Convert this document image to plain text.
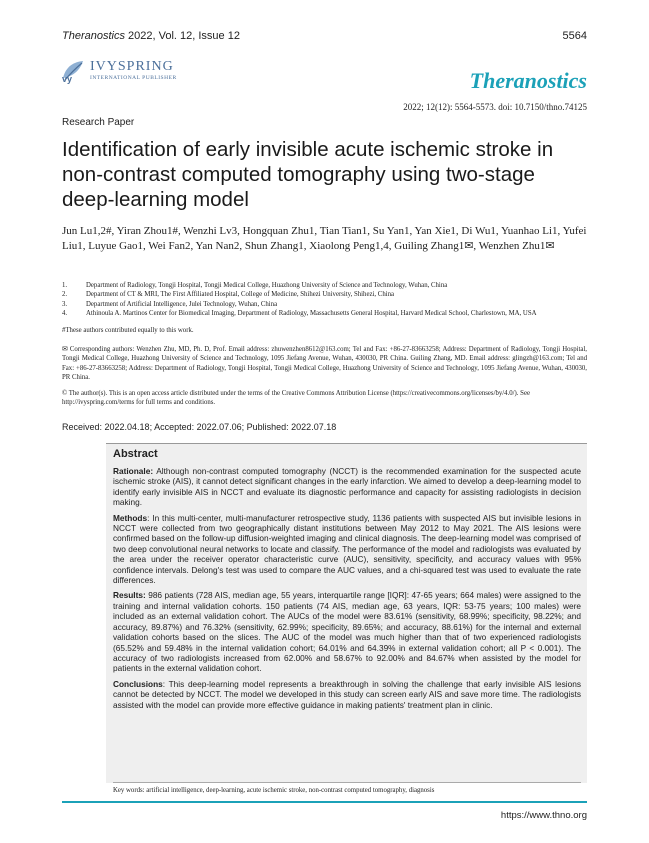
Theranostics 2022, Vol. 12, Issue 12	5564
vy
IVYSPRING
INTERNATIONAL PUBLISHER	Theranostics
2022; 12(12): 5564-5573. doi: 10.7150/thno.74125
Research Paper
Identification of early invisible acute ischemic stroke in non-contrast computed tomography using two-stage deep-learning model
Jun Lu1,2#, Yiran Zhou1#, Wenzhi Lv3, Hongquan Zhu1, Tian Tian1, Su Yan1, Yan Xie1, Di Wu1, Yuanhao Li1, Yufei Liu1, Luyue Gao1, Wei Fan2, Yan Nan2, Shun Zhang1, Xiaolong Peng1,4, Guiling Zhang1✉, Wenzhen Zhu1✉
1.	Department of Radiology, Tongji Hospital, Tongji Medical College, Huazhong University of Science and Technology, Wuhan, China
2.	Department of CT & MRI, The First Affiliated Hospital, College of Medicine, Shihezi University, Shihezi, China
3.	Department of Artificial Intelligence, Julei Technology, Wuhan, China
4.	Athinoula A. Martinos Center for Biomedical Imaging, Department of Radiology, Massachusetts General Hospital, Harvard Medical School, Charlestown, MA, USA
#These authors contributed equally to this work.
✉ Corresponding authors: Wenzhen Zhu, MD, Ph. D, Prof. Email address: zhuwenzhen8612@163.com; Tel and Fax: +86-27-83663258; Address: Department of Radiology, Tongji Hospital, Tongji Medical College, Huazhong University of Science and Technology, 1095 Jiefang Avenue, Wuhan, 430030, PR China. Guiling Zhang, MD. Email address: glingzh@163.com; Tel and Fax: +86-27-83663258; Address: Department of Radiology, Tongji Hospital, Tongji Medical College, Huazhong University of Science and Technology, 1095 Jiefang Avenue, Wuhan, 430030, PR China.
© The author(s). This is an open access article distributed under the terms of the Creative Commons Attribution License (https://creativecommons.org/licenses/by/4.0/). See http://ivyspring.com/terms for full terms and conditions.
Received: 2022.04.18; Accepted: 2022.07.06; Published: 2022.07.18
Abstract

Rationale: Although non-contrast computed tomography (NCCT) is the recommended examination for the suspected acute ischemic stroke (AIS), it cannot detect significant changes in the early infarction. We aimed to develop a deep-learning model to identify early invisible AIS in NCCT and evaluate its diagnostic performance and capacity for assisting radiologists in decision making.

Methods: In this multi-center, multi-manufacturer retrospective study, 1136 patients with suspected AIS but invisible lesions in NCCT were collected from two geographically distant institutions between May 2012 to May 2021. The AIS lesions were confirmed based on the follow-up diffusion-weighted imaging and clinical diagnosis. The deep-learning model was comprised of two deep convolutional neural networks to locate and classify. The performance of the model and radiologists was evaluated by the area under the receiver operator characteristic curve (AUC), sensitivity, specificity, and accuracy values with 95% confidence intervals. Delong's test was used to compare the AUC values, and a chi-squared test was used to evaluate the rate differences.

Results: 986 patients (728 AIS, median age, 55 years, interquartile range [IQR]: 47-65 years; 664 males) were assigned to the training and internal validation cohorts. 150 patients (74 AIS, median age, 63 years, IQR: 53-75 years; 100 males) were included as an external validation cohort. The AUCs of the model were 83.61% (sensitivity, 68.99%; specificity, 98.22%; and accuracy, 89.87%) and 76.32% (sensitivity, 62.99%; specificity, 89.65%; and accuracy, 88.61%) for the internal and external validation cohorts based on the slices. The AUC of the model was much higher than that of two experienced radiologists (65.52% and 59.48% in the internal validation cohort; 64.01% and 64.39% in external validation cohort; all P < 0.001). The accuracy of two radiologists increased from 62.00% and 58.67% to 92.00% and 84.67% when assisted by the model for patients in the external validation cohort.

Conclusions: This deep-learning model represents a breakthrough in solving the challenge that early invisible AIS lesions cannot be detected by NCCT. The model we developed in this study can screen early AIS and save more time. The radiologists assisted with the model can provide more effective guidance in making patients' treatment plan in clinic.

Key words: artificial intelligence, deep-learning, acute ischemic stroke, non-contrast computed tomography, diagnosis
https://www.thno.org
